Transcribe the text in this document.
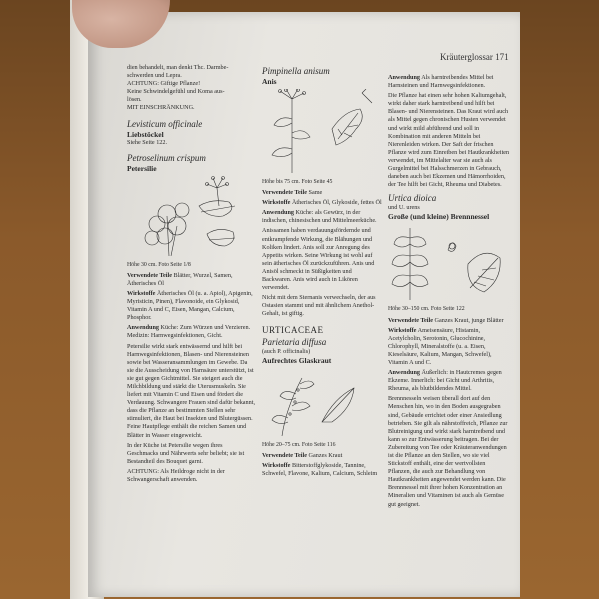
Kräuterglossar 171
dien behandelt, man denkt Thc. Darmbe-
schwerden und Lepra.
ACHTUNG: Giftige Pflanze!
Keine Schwindelgefühl und Koma aus-
lösen.
MIT EINSCHRÄNKUNG.
Levisticum officinale
Liebstöckel
Siehe Seite 122.
Petroselinum crispum
Petersilie
Höhe 30 cm. Foto Seite 1/8

Verwendete Teile Blätter, Wurzel, Samen, Ätherisches Öl

Wirkstoffe Ätherisches Öl (u. a. Apiol), Apigenin, Myristicin, Pinen), Flavonoide, ein Glykosid, Vitamin A und C, Eisen, Mangan, Calcium, Phosphor.

Anwendung Küche: Zum Würzen und Verzieren. Medizin: Harnwegsinfektionen, Gicht.

Petersilie wirkt stark entwässernd und hilft bei Harnwegsinfektionen, Blasen- und Nierensteinen sowie bei Wasseransammlungen im Gewebe. Da sie die Ausscheidung von Harnsäure unterstützt, ist sie gut gegen Gichtmittel. Sie steigert auch die Milchbildung und stärkt die Uterusmuskeln. Sie liefert mit Vitamin C und Eisen und fördert die Verdauung. Schwangere Frauen sind dafür bekannt, dass die Pflanze an bestimmten Stellen sehr stimuliert, die Haut bei Insekten und Blutergüssen. Feine Hautpflege enthält die reichen Samen und Blätter in Wasser eingeweicht.

In der Küche ist Petersilie wegen ihres Geschmacks und Nährwerts sehr beliebt; sie ist Bestandteil des Bouquet garni.

ACHTUNG: Als Heildroge nicht in der Schwangerschaft anwenden.

Pimpinella anisum
Anis
Höhe bis 75 cm. Foto Seite 45

Verwendete Teile Same

Wirkstoffe Ätherisches Öl, Glykoside, fettes Öl

Anwendung Küche: als Gewürz, in der indischen, chinesischen und Mittelmeerküche.

Anissamen haben verdauungsfördernde und entkrampfende Wirkung, die Blähungen und Koliken lindert. Anis soll zur Anregung des Appetits wirken. Seine Wirkung ist wohl auf sein ätherisches Öl zurückzuführen. Anis und Anisöl schmeckt in Süßigkeiten und Backwaren. Anis wird auch in Likören verwendet.

Nicht mit dem Sternanis verwechseln, der aus Ostasien stammt und mit ähnlichem Anethol-Gehalt, ist giftig.

URTICACEAE
Parietaria diffusa
(auch P. officinalis)
Aufrechtes Glaskraut
Höhe 20–75 cm. Foto Seite 116

Verwendete Teile Ganzes Kraut

Wirkstoffe Bitterstoffglykoside, Tannine, Schwefel, Flavone, Kalium, Calcium, Schleim

Anwendung Als harntreibendes Mittel bei Harnsteinen und Harnwegsinfektionen.

Die Pflanze hat einen sehr hohen Kaliumgehalt, wirkt daher stark harntreibend und hilft bei Blasen- und Nierensteinen. Das Kraut wird auch als Mittel gegen chronischen Husten verwendet und wirkt mild abführend und soll in Kombination mit anderen Mitteln bei Nierenleiden wirken. Der Saft der frischen Pflanze wird zum Einreiben bei Hautkrankheiten verwendet, im Mittelalter war sie auch als Gurgelmittel bei Halsschmerzen in Gebrauch, daneben auch bei Ekzemen und Hämorrhoiden, der Tee hilft bei Gicht, Rheuma und Diabetes.

Urtica dioica
und U. urens
Große (und kleine) Brennnessel
Höhe 30–150 cm. Foto Seite 122

Verwendete Teile Ganzes Kraut, junge Blätter

Wirkstoffe Ameisensäure, Histamin, Acetylcholin, Serotonin, Glucochinine, Chlorophyll, Mineralstoffe (u. a. Eisen, Kieselsäure, Kalium, Mangan, Schwefel), Vitamin A und C.

Anwendung Äußerlich: in Hautcremes gegen Ekzeme. Innerlich: bei Gicht und Arthritis, Rheuma, als blutbildendes Mittel.

Brennnesseln weisen überall dort auf den Menschen hin, wo in den Boden ausgegraben sind, Gebäude errichtet oder einer Ansiedlung betrieben. Sie gilt als nährstoffreich, Pflanze zur Blutreinigung und wirkt stark harntreibend und kann so zur Entwässerung beitragen. Bei der Zubereitung von Tee oder Kräuteranwendungen ist die Pflanze an den Stellen, wo sie viel Stickstoff enthält, eine der wertvollsten Pflanzen, die auch zur Behandlung von Hautkrankheiten angewendet werden kann. Die Brennnessel mit ihrer hohen Konzentration an Mineralien und Vitaminen ist auch als Gemüse gut geeignet.
